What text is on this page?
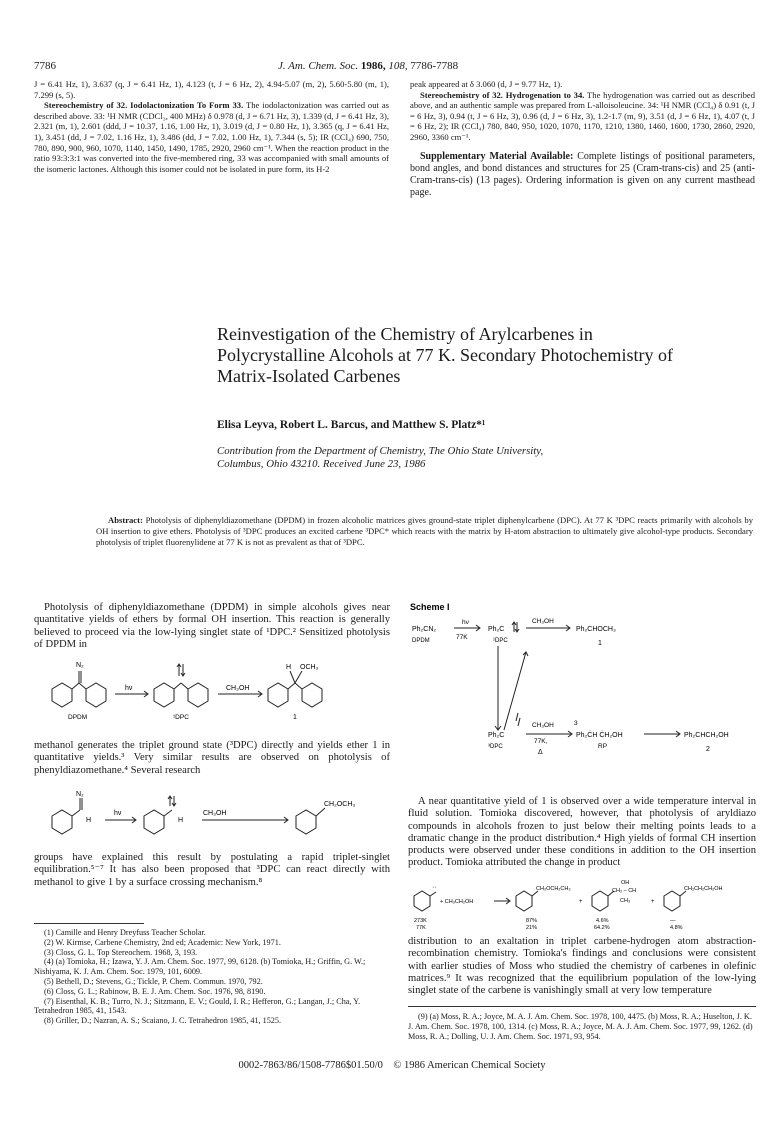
7786	J. Am. Chem. Soc. 1986, 108, 7786-7788

J = 6.41 Hz, 1), 3.637 (q, J = 6.41 Hz, 1), 4.123 (t, J = 6 Hz, 2), 4.94-5.07 (m, 2), 5.60-5.80 (m, 1), 7.299 (s, 5).

Stereochemistry of 32. Iodolactonization To Form 33. The iodolactonization was carried out as described above. 33: ¹H NMR (CDCl₃, 400 MHz) δ 0.978 (d, J = 6.71 Hz, 3), 1.339 (d, J = 6.41 Hz, 3), 2.321 (m, 1), 2.601 (ddd, J = 10.37, 1.16, 1.00 Hz, 1), 3.019 (d, J = 0.80 Hz, 1), 3.365 (q, J = 6.41 Hz, 1), 3.451 (dd, J = 7.02, 1.16 Hz, 1), 3.486 (dd, J = 7.02, 1.00 Hz, 1), 7.344 (s, 5); IR (CCl₄) 690, 750, 780, 890, 900, 960, 1070, 1140, 1450, 1490, 1785, 2920, 2960 cm⁻¹. When the reaction product in the ratio 93:3:3:1 was converted into the five-membered ring, 33 was accompanied with small amounts of the isomeric lactones. Although this isomer could not be isolated in pure form, its H-2

peak appeared at δ 3.060 (d, J = 9.77 Hz, 1).

Stereochemistry of 32. Hydrogenation to 34. The hydrogenation was carried out as described above, and an authentic sample was prepared from L-alloisoleucine. 34: ¹H NMR (CCl₄) δ 0.91 (t, J = 6 Hz, 3), 0.94 (t, J = 6 Hz, 3), 0.96 (d, J = 6 Hz, 3), 1.2-1.7 (m, 9), 3.51 (d, J = 6 Hz, 1), 4.07 (t, J = 6 Hz, 2); IR (CCl₄) 780, 840, 950, 1020, 1070, 1170, 1210, 1380, 1460, 1600, 1730, 2860, 2920, 2960, 3360 cm⁻¹.

Supplementary Material Available: Complete listings of positional parameters, bond angles, and bond distances and structures for 25 (Cram-trans-cis) and 25 (anti-Cram-trans-cis) (13 pages). Ordering information is given on any current masthead page.

Reinvestigation of the Chemistry of Arylcarbenes in
Polycrystalline Alcohols at 77 K. Secondary Photochemistry of
Matrix-Isolated Carbenes
Elisa Leyva, Robert L. Barcus, and Matthew S. Platz*¹
Contribution from the Department of Chemistry, The Ohio State University,
Columbus, Ohio 43210. Received June 23, 1986
Abstract: Photolysis of diphenyldiazomethane (DPDM) in frozen alcoholic matrices gives ground-state triplet diphenylcarbene (DPC). At 77 K ³DPC reacts primarily with alcohols by OH insertion to give ethers. Photolysis of ³DPC produces an excited carbene ³DPC* which reacts with the matrix by H-atom abstraction to ultimately give alcohol-type products. Secondary photolysis of triplet fluorenylidene at 77 K is not as prevalent as that of ³DPC.

Photolysis of diphenyldiazomethane (DPDM) in simple alcohols gives near quantitative yields of ethers by formal OH insertion. This reaction is generally believed to proceed via the low-lying singlet state of ¹DPC.² Sensitized photolysis of DPDM in

N₂
hν	CH₃OH
H OCH₃
DPDM	¹DPC	1

methanol generates the triplet ground state (³DPC) directly and yields ether 1 in quantitative yields.³ Very similar results are observed on photolysis of phenyldiazomethane.⁴ Several research

N₂
H
hν
H
CH₃OH
CH₂OCH₃

groups have explained this result by postulating a rapid triplet-singlet equilibration.⁵⁻⁷ It has also been proposed that ³DPC can react directly with methanol to give 1 by a surface crossing mechanism.⁸

(1) Camille and Henry Dreyfuss Teacher Scholar.

(2) W. Kirmse, Carbene Chemistry, 2nd ed; Academic: New York, 1971.

(3) Closs, G. L. Top Stereochem. 1968, 3, 193.

(4) (a) Tomioka, H.; Izawa, Y. J. Am. Chem. Soc. 1977, 99, 6128. (b) Tomioka, H.; Griffin, G. W.; Nishiyama, K. J. Am. Chem. Soc. 1979, 101, 6009.

(5) Bethell, D.; Stevens, G.; Tickle, P. Chem. Commun. 1970, 792.

(6) Closs, G. L.; Rabinow, B. E. J. Am. Chem. Soc. 1976, 98, 8190.

(7) Eisenthal, K. B.; Turro, N. J.; Sitzmann, E. V.; Gould, I. R.; Hefferon, G.; Langan, J.; Cha, Y. Tetrahedron 1985, 41, 1543.

(8) Griller, D.; Nazran, A. S.; Scaiano, J. C. Tetrahedron 1985, 41, 1525.

Scheme I
Ph₂CN₂
DPDM
hν
77K
Ph₂C
¹DPC
CH₃OH
Ph₂CHOCH₃
1
Ph₂C
³DPC
CH₃OH
77K,
Δ
3
Ph₂ĊH ĊH₂OH
RP
Ph₂CHCH₂OH
2

A near quantitative yield of 1 is observed over a wide temperature interval in fluid solution. Tomioka discovered, however, that photolysis of aryldiazo compounds in alcohols frozen to just below their melting points leads to a dramatic change in the product distribution.⁴ High yields of formal CH insertion products were observed under these conditions in addition to the OH insertion product. Tomioka attributed the change in product

··
+ CH₃CH₂OH
CH₂OCH₂CH₃
+
OH
CH₂ – CH
CH₃	+
CH₂CH₂CH₂OH
273K
77K
87%
21%
4.6%
64.2%
—
4.8%

distribution to an exaltation in triplet carbene-hydrogen atom abstraction-recombination chemistry. Tomioka's findings and conclusions were consistent with earlier studies of Moss who studied the chemistry of carbenes in olefinic matrices.⁹ It was recognized that the equilibrium population of the low-lying singlet state of the carbene is vanishingly small at very low temperature

(9) (a) Moss, R. A.; Joyce, M. A. J. Am. Chem. Soc. 1978, 100, 4475. (b) Moss, R. A.; Huselton, J. K. J. Am. Chem. Soc. 1978, 100, 1314. (c) Moss, R. A.; Joyce, M. A. J. Am. Chem. Soc. 1977, 99, 1262. (d) Moss, R. A.; Dolling, U. J. Am. Chem. Soc. 1971, 93, 954.

0002-7863/86/1508-7786$01.50/0 © 1986 American Chemical Society
